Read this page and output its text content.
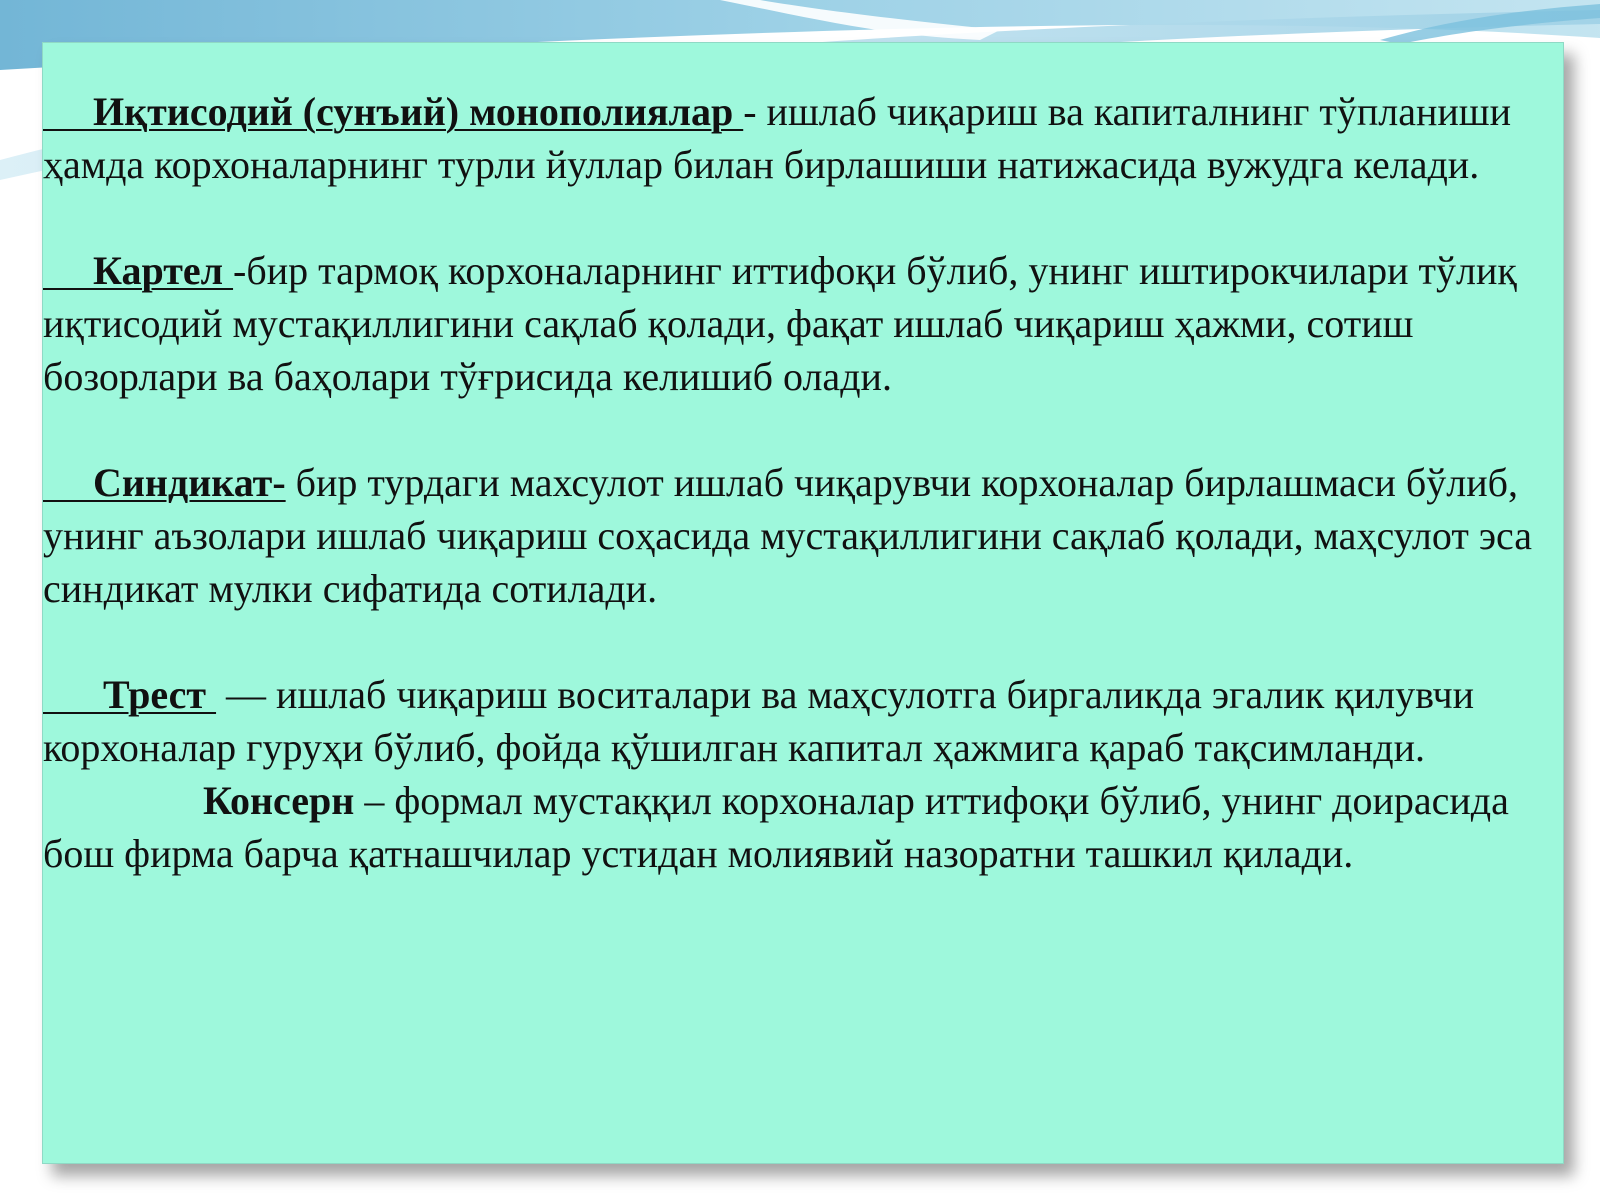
Иқтисодий (сунъий) монополиялар - ишлаб чиқариш ва капиталнинг тўпланиши ҳамда корхоналарнинг турли йуллар билан бирлашиши натижасида вужудга келади.

Картел -бир тармоқ корхоналарнинг иттифоқи бўлиб, унинг иштирокчилари тўлиқ иқтисодий мустақиллигини сақлаб қолади, фақат ишлаб чиқариш ҳажми, сотиш бозорлари ва баҳолари тўғрисида келишиб олади.

Синдикат- бир турдаги махсулот ишлаб чиқарувчи корхоналар бирлашмаси бўлиб, унинг аъзолари ишлаб чиқариш соҳасида мустақиллигини сақлаб қолади, маҳсулот эса синдикат мулки сифатида сотилади.

Трест  — ишлаб чиқариш воситалари ва маҳсулотга биргаликда эгалик қилувчи корхоналар гуруҳи бўлиб, фойда қўшилган капитал ҳажмига қараб тақсимланди.

Консерн – формал мустаққил корхоналар иттифоқи бўлиб, унинг доирасида бош фирма барча қатнашчилар устидан молиявий назоратни ташкил қилади.
